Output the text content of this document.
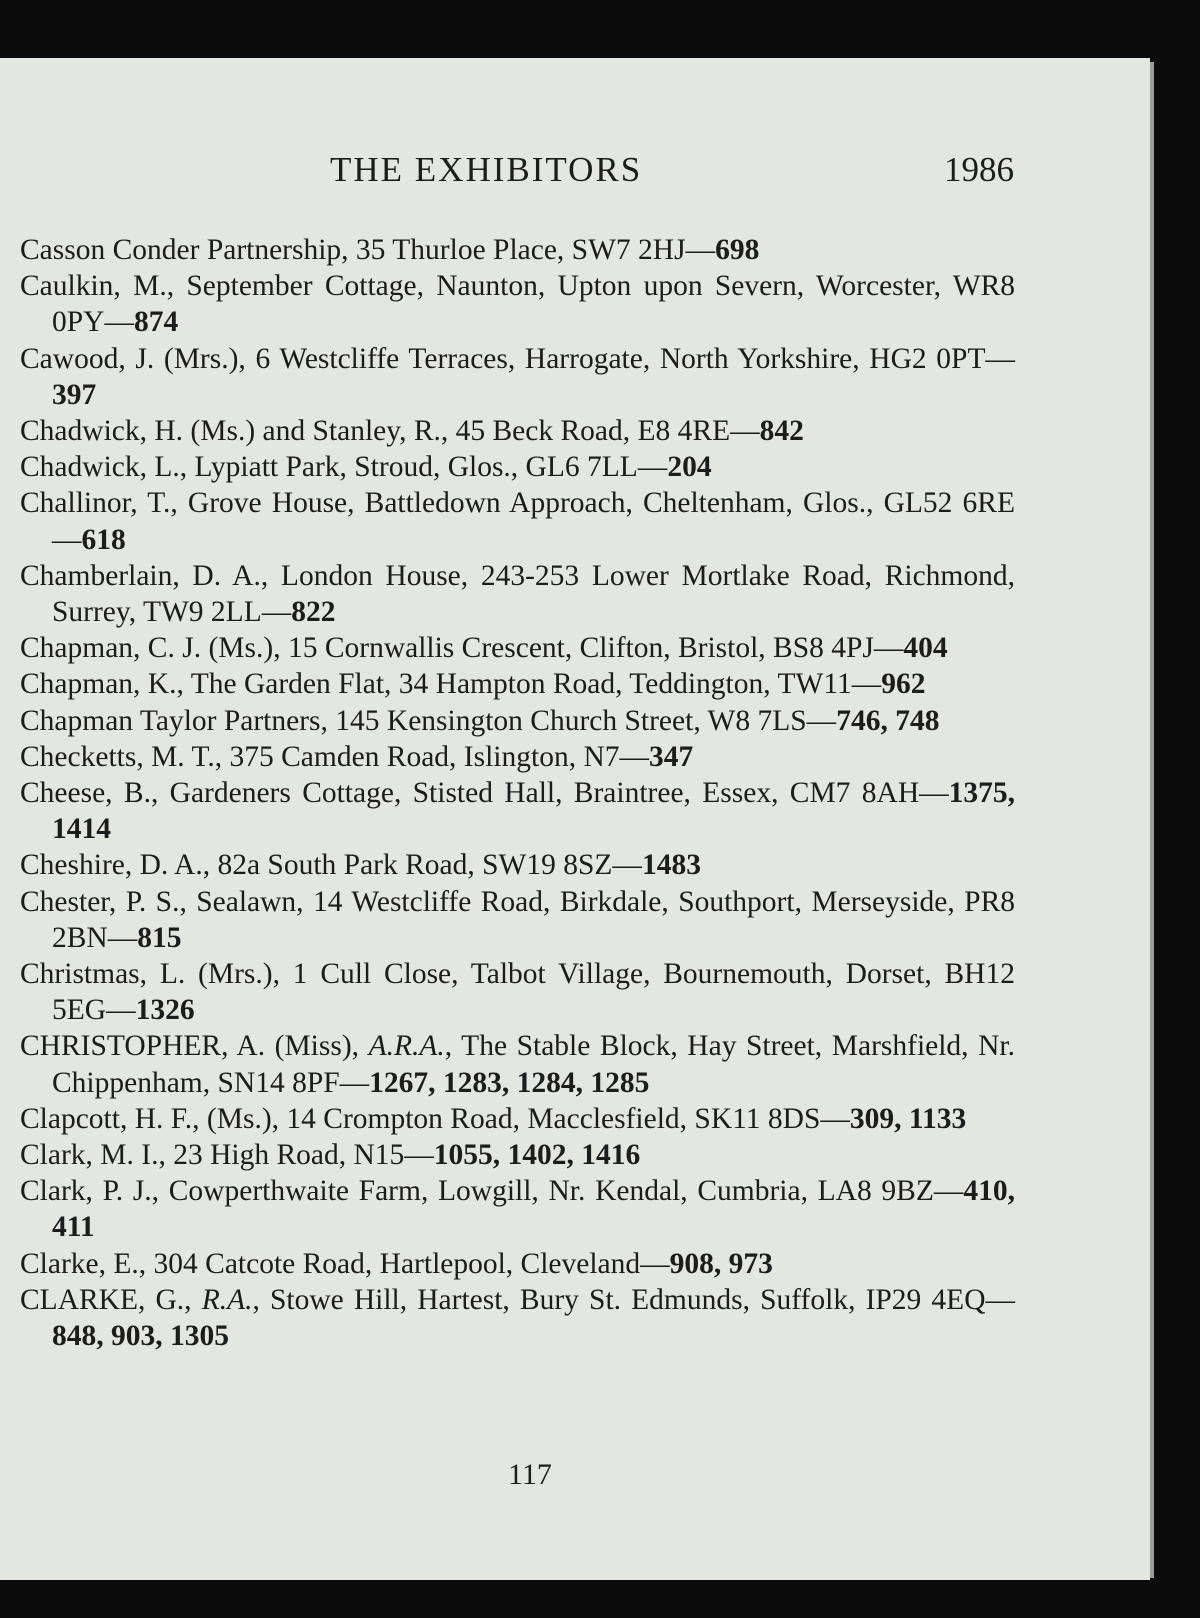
THE EXHIBITORS	1986
Casson Conder Partnership, 35 Thurloe Place, SW7 2HJ—698
Caulkin, M., September Cottage, Naunton, Upton upon Severn, Worcester, WR8 0PY—874
Cawood, J. (Mrs.), 6 Westcliffe Terraces, Harrogate, North Yorkshire, HG2 0PT—397
Chadwick, H. (Ms.) and Stanley, R., 45 Beck Road, E8 4RE—842
Chadwick, L., Lypiatt Park, Stroud, Glos., GL6 7LL—204
Challinor, T., Grove House, Battledown Approach, Cheltenham, Glos., GL52 6RE—618
Chamberlain, D. A., London House, 243-253 Lower Mortlake Road, Richmond, Surrey, TW9 2LL—822
Chapman, C. J. (Ms.), 15 Cornwallis Crescent, Clifton, Bristol, BS8 4PJ—404
Chapman, K., The Garden Flat, 34 Hampton Road, Teddington, TW11—962
Chapman Taylor Partners, 145 Kensington Church Street, W8 7LS—746, 748
Checketts, M. T., 375 Camden Road, Islington, N7—347
Cheese, B., Gardeners Cottage, Stisted Hall, Braintree, Essex, CM7 8AH—1375, 1414
Cheshire, D. A., 82a South Park Road, SW19 8SZ—1483
Chester, P. S., Sealawn, 14 Westcliffe Road, Birkdale, Southport, Merseyside, PR8 2BN—815
Christmas, L. (Mrs.), 1 Cull Close, Talbot Village, Bournemouth, Dorset, BH12 5EG—1326
CHRISTOPHER, A. (Miss), A.R.A., The Stable Block, Hay Street, Marshfield, Nr. Chippenham, SN14 8PF—1267, 1283, 1284, 1285
Clapcott, H. F., (Ms.), 14 Crompton Road, Macclesfield, SK11 8DS—309, 1133
Clark, M. I., 23 High Road, N15—1055, 1402, 1416
Clark, P. J., Cowperthwaite Farm, Lowgill, Nr. Kendal, Cumbria, LA8 9BZ—410, 411
Clarke, E., 304 Catcote Road, Hartlepool, Cleveland—908, 973
CLARKE, G., R.A., Stowe Hill, Hartest, Bury St. Edmunds, Suffolk, IP29 4EQ—848, 903, 1305
117
